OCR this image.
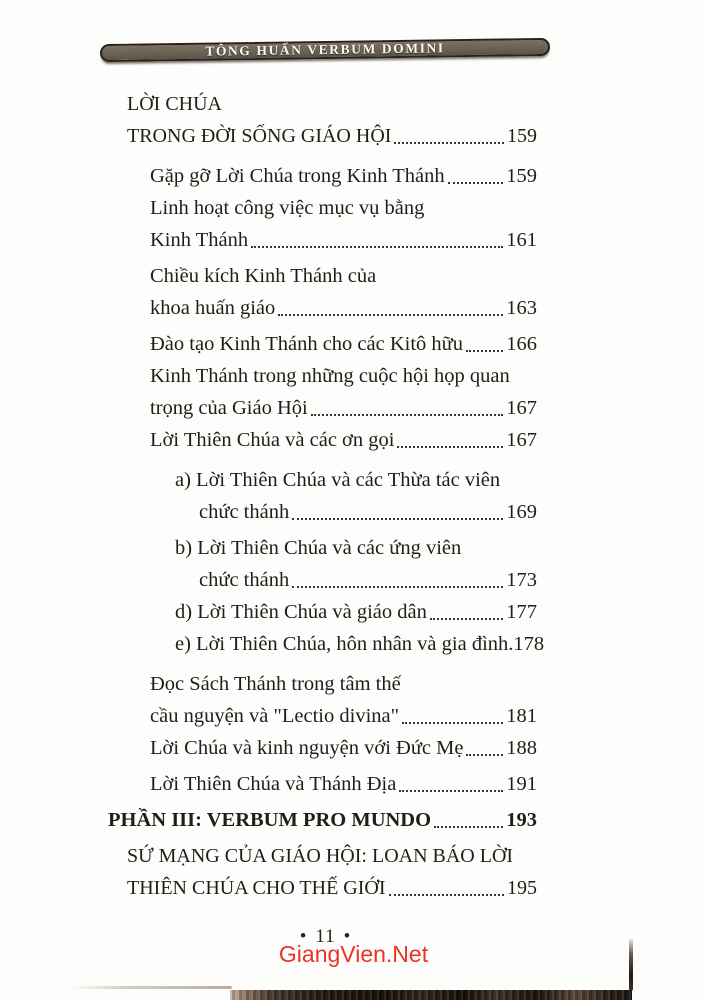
TÔNG HUẤN VERBUM DOMINI
LỜI CHÚA
TRONG ĐỜI SỐNG GIÁO HỘI	159
Gặp gỡ Lời Chúa trong Kinh Thánh	159
Linh hoạt công việc mục vụ bằng
Kinh Thánh	161
Chiều kích Kinh Thánh của
khoa huấn giáo	163
Đào tạo Kinh Thánh cho các Kitô hữu 166
Kinh Thánh trong những cuộc hội họp quan
trọng của Giáo Hội	167
Lời Thiên Chúa và các ơn gọi	167
a) Lời Thiên Chúa và các Thừa tác viên
chức thánh	169
b) Lời Thiên Chúa và các ứng viên
chức thánh	173
d) Lời Thiên Chúa và giáo dân	177
e) Lời Thiên Chúa, hôn nhân và gia đình. 178
Đọc Sách Thánh trong tâm thế
cầu nguyện và "Lectio divina"	181
Lời Chúa và kinh nguyện với Đức Mẹ 188
Lời Thiên Chúa và Thánh Địa	191
PHẦN III: VERBUM PRO MUNDO	193
SỨ MẠNG CỦA GIÁO HỘI: LOAN BÁO LỜI
THIÊN CHÚA CHO THẾ GIỚI	195
• 11 •
GiangVien.Net
